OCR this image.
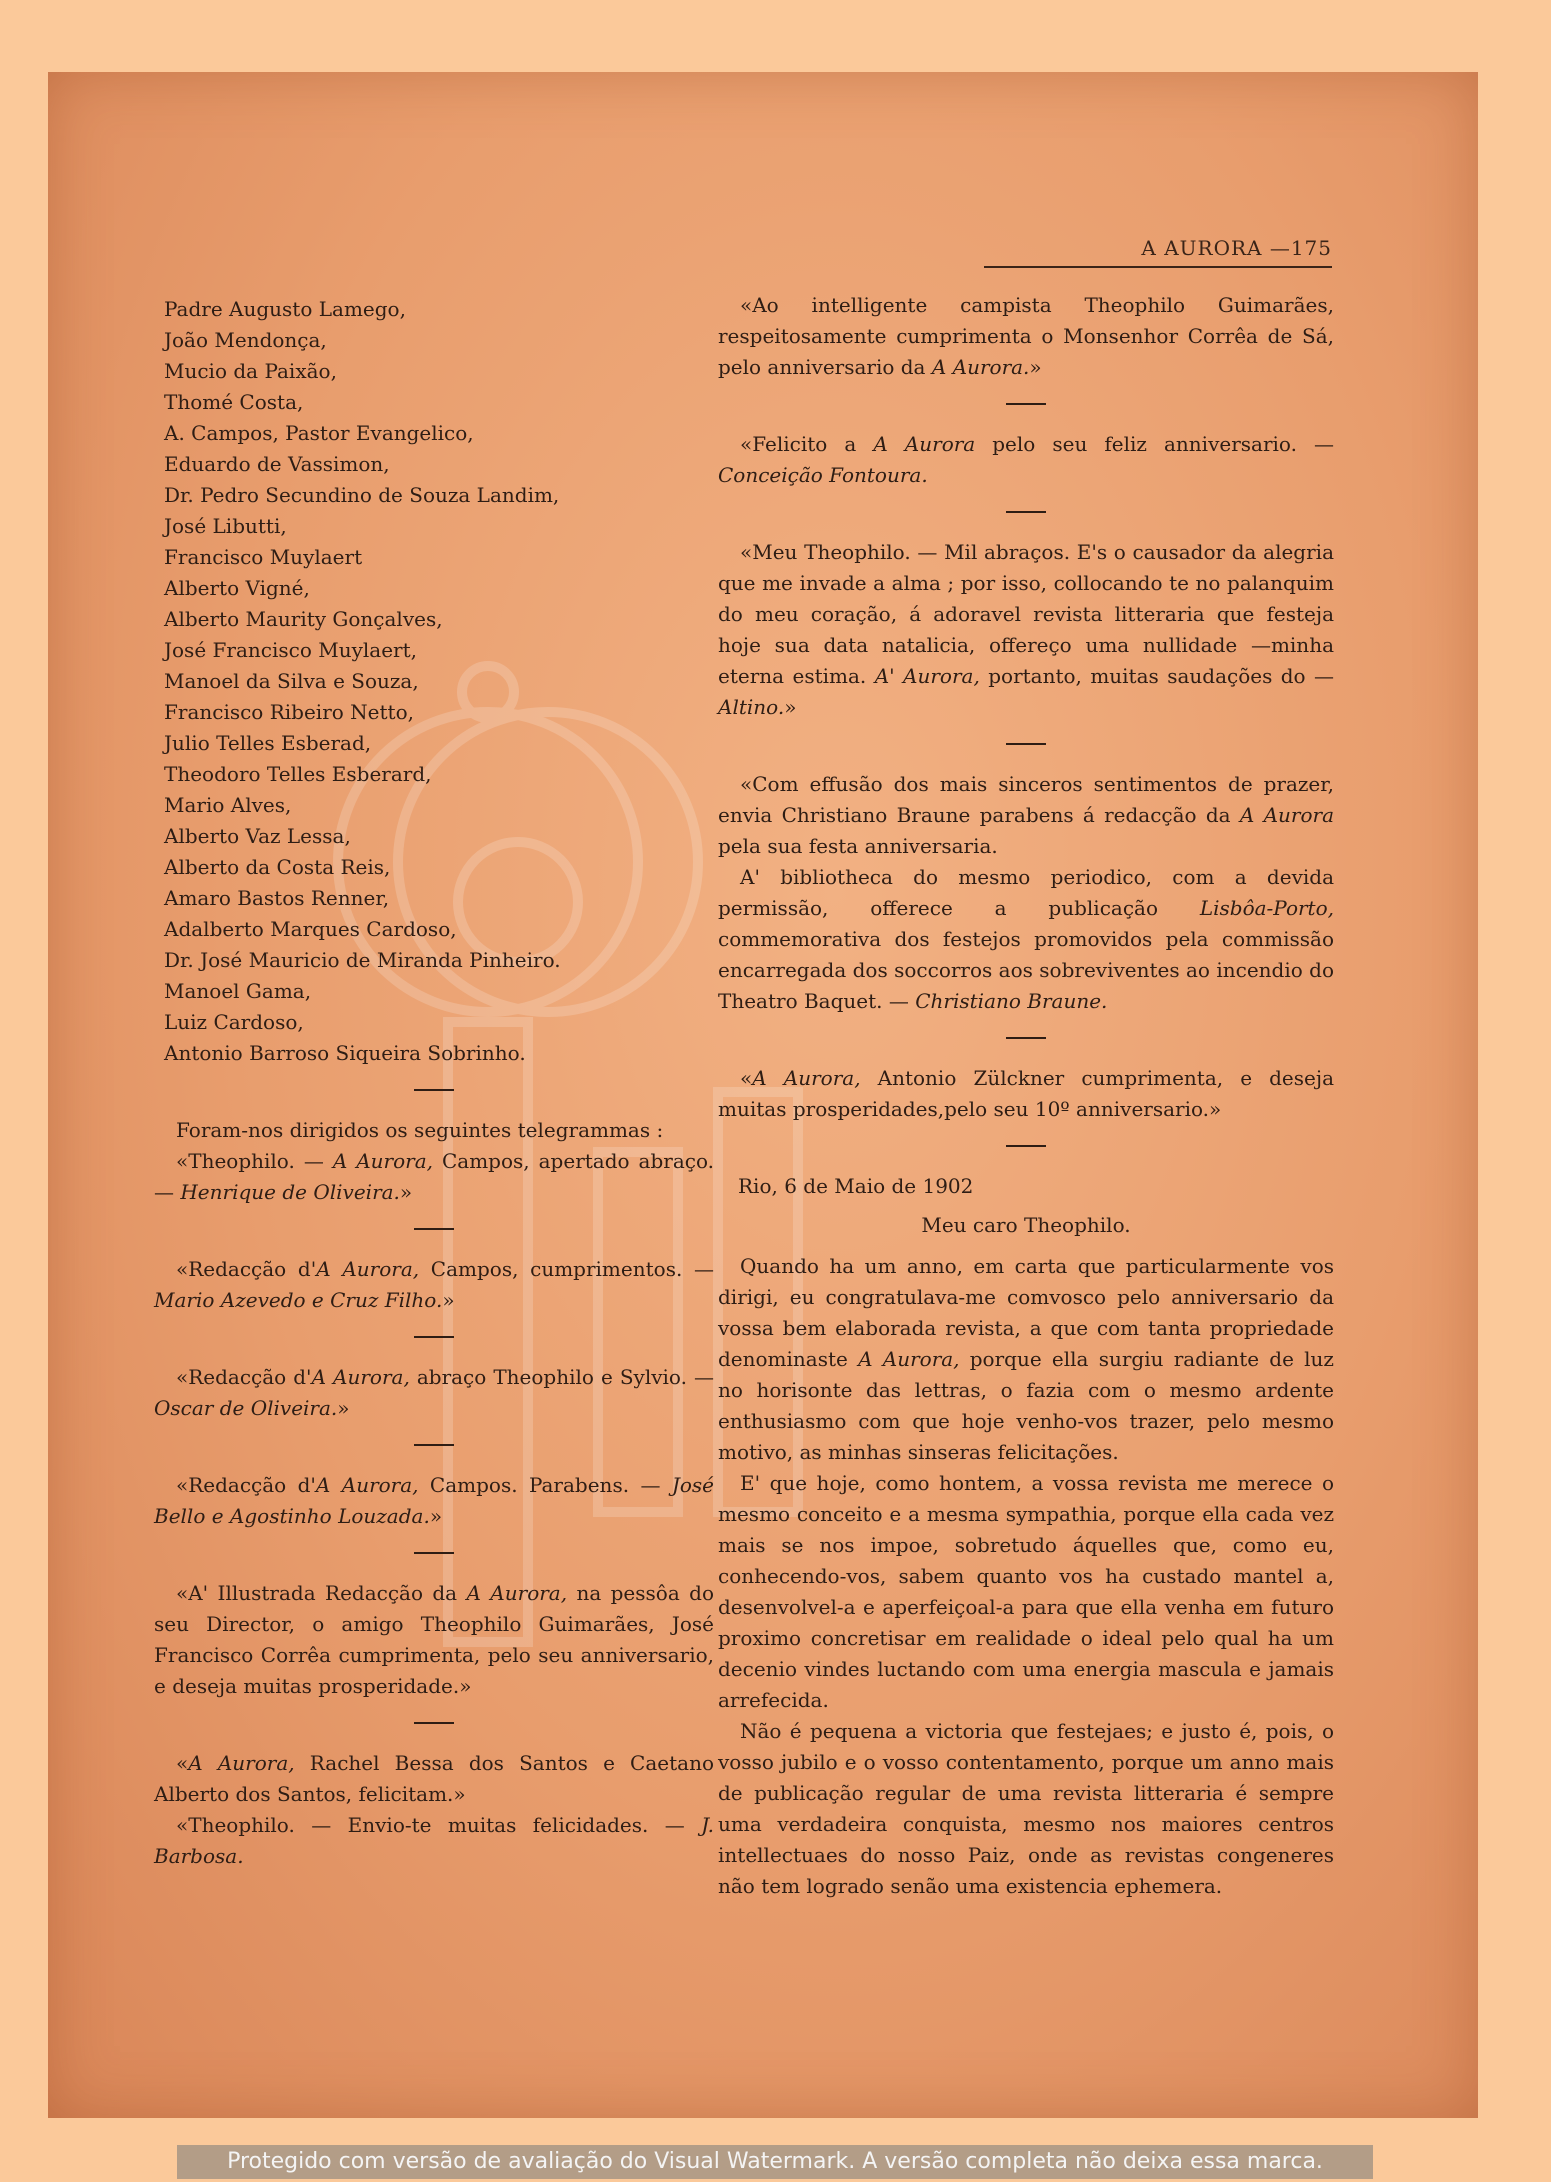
A AURORA —175
Padre Augusto Lamego,
João Mendonça,
Mucio da Paixão,
Thomé Costa,
A. Campos, Pastor Evangelico,
Eduardo de Vassimon,
Dr. Pedro Secundino de Souza Landim,
José Libutti,
Francisco Muylaert
Alberto Vigné,
Alberto Maurity Gonçalves,
José Francisco Muylaert,
Manoel da Silva e Souza,
Francisco Ribeiro Netto,
Julio Telles Esberad,
Theodoro Telles Esberard,
Mario Alves,
Alberto Vaz Lessa,
Alberto da Costa Reis,
Amaro Bastos Renner,
Adalberto Marques Cardoso,
Dr. José Mauricio de Miranda Pinheiro.
Manoel Gama,
Luiz Cardoso,
Antonio Barroso Siqueira Sobrinho.

Foram-nos dirigidos os seguintes telegrammas :

«Theophilo. — A Aurora, Campos, apertado abraço. — Henrique de Oliveira.»

«Redacção d'A Aurora, Campos, cumprimentos. — Mario Azevedo e Cruz Filho.»

«Redacção d'A Aurora, abraço Theophilo e Sylvio. — Oscar de Oliveira.»

«Redacção d'A Aurora, Campos. Parabens. — José Bello e Agostinho Louzada.»

«A' Illustrada Redacção da A Aurora, na pessôa do seu Director, o amigo Theophilo Guimarães, José Francisco Corrêa cumprimenta, pelo seu anniversario, e deseja muitas prosperidade.»

«A Aurora, Rachel Bessa dos Santos e Caetano Alberto dos Santos, felicitam.»

«Theophilo. — Envio-te muitas felicidades. — J. Barbosa.

«Ao intelligente campista Theophilo Guimarães, respeitosamente cumprimenta o Monsenhor Corrêa de Sá, pelo anniversario da A Aurora.»

«Felicito a A Aurora pelo seu feliz anniversario. — Conceição Fontoura.

«Meu Theophilo. — Mil abraços. E's o causador da alegria que me invade a alma ; por isso, collocando te no palanquim do meu coração, á adoravel revista litteraria que festeja hoje sua data natalicia, offereço uma nullidade —minha eterna estima. A' Aurora, portanto, muitas saudações do — Altino.»

«Com effusão dos mais sinceros sentimentos de prazer, envia Christiano Braune parabens á redacção da A Aurora pela sua festa anniversaria.

A' bibliotheca do mesmo periodico, com a devida permissão, offerece a publicação Lisbôa-Porto, commemorativa dos festejos promovidos pela commissão encarregada dos soccorros aos sobreviventes ao incendio do Theatro Baquet. — Christiano Braune.

«A Aurora, Antonio Zülckner cumprimenta, e deseja muitas prosperidades,pelo seu 10º anniversario.»

Rio, 6 de Maio de 1902

Meu caro Theophilo.

Quando ha um anno, em carta que particularmente vos dirigi, eu congratulava-me comvosco pelo anniversario da vossa bem elaborada revista, a que com tanta propriedade denominaste A Aurora, porque ella surgiu radiante de luz no horisonte das lettras, o fazia com o mesmo ardente enthusiasmo com que hoje venho-vos trazer, pelo mesmo motivo, as minhas sinseras felicitações.

E' que hoje, como hontem, a vossa revista me merece o mesmo conceito e a mesma sympathia, porque ella cada vez mais se nos impoe, sobretudo áquelles que, como eu, conhecendo-vos, sabem quanto vos ha custado mantel a, desenvolvel-a e aperfeiçoal-a para que ella venha em futuro proximo concretisar em realidade o ideal pelo qual ha um decenio vindes luctando com uma energia mascula e jamais arrefecida.

Não é pequena a victoria que festejaes; e justo é, pois, o vosso jubilo e o vosso contentamento, porque um anno mais de publicação regular de uma revista litteraria é sempre uma verdadeira conquista, mesmo nos maiores centros intellectuaes do nosso Paiz, onde as revistas congeneres não tem logrado senão uma existencia ephemera.

Protegido com versão de avaliação do Visual Watermark. A versão completa não deixa essa marca.
